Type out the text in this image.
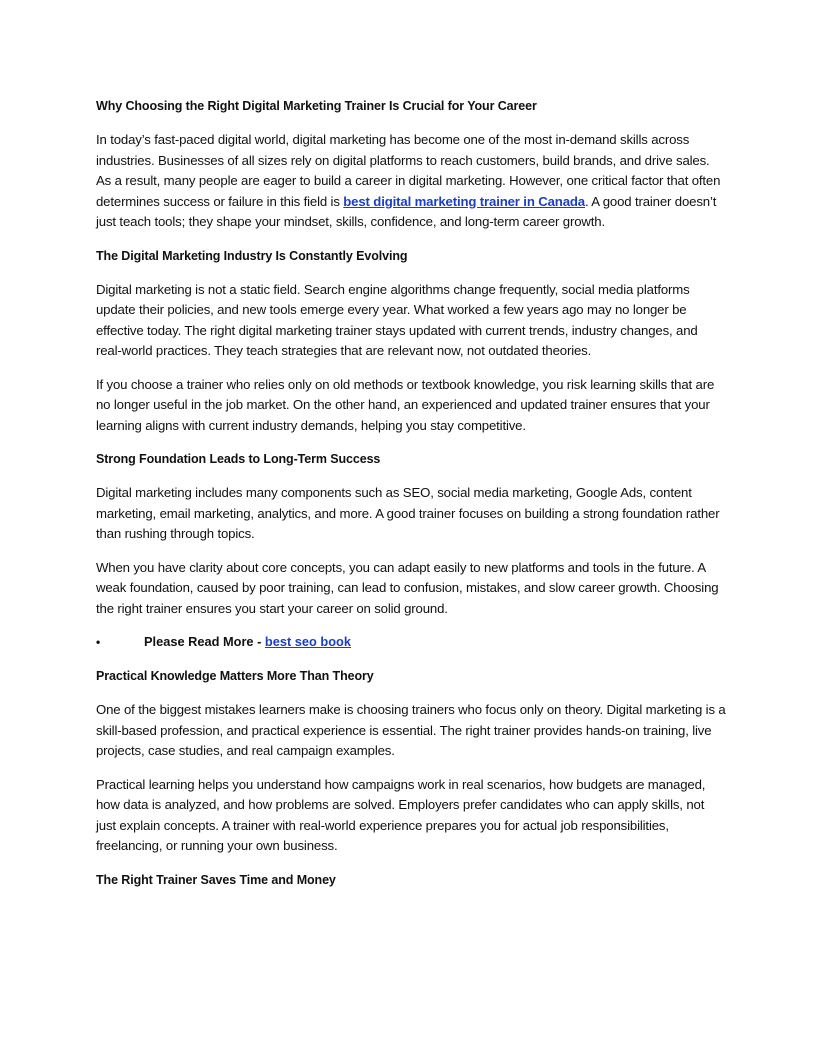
Why Choosing the Right Digital Marketing Trainer Is Crucial for Your Career

In today’s fast-paced digital world, digital marketing has become one of the most in-demand skills across industries. Businesses of all sizes rely on digital platforms to reach customers, build brands, and drive sales. As a result, many people are eager to build a career in digital marketing. However, one critical factor that often determines success or failure in this field is best digital marketing trainer in Canada. A good trainer doesn’t just teach tools; they shape your mindset, skills, confidence, and long-term career growth.

The Digital Marketing Industry Is Constantly Evolving

Digital marketing is not a static field. Search engine algorithms change frequently, social media platforms update their policies, and new tools emerge every year. What worked a few years ago may no longer be effective today. The right digital marketing trainer stays updated with current trends, industry changes, and real-world practices. They teach strategies that are relevant now, not outdated theories.

If you choose a trainer who relies only on old methods or textbook knowledge, you risk learning skills that are no longer useful in the job market. On the other hand, an experienced and updated trainer ensures that your learning aligns with current industry demands, helping you stay competitive.

Strong Foundation Leads to Long-Term Success

Digital marketing includes many components such as SEO, social media marketing, Google Ads, content marketing, email marketing, analytics, and more. A good trainer focuses on building a strong foundation rather than rushing through topics.

When you have clarity about core concepts, you can adapt easily to new platforms and tools in the future. A weak foundation, caused by poor training, can lead to confusion, mistakes, and slow career growth. Choosing the right trainer ensures you start your career on solid ground.

•	Please Read More - best seo book
Practical Knowledge Matters More Than Theory

One of the biggest mistakes learners make is choosing trainers who focus only on theory. Digital marketing is a skill-based profession, and practical experience is essential. The right trainer provides hands-on training, live projects, case studies, and real campaign examples.

Practical learning helps you understand how campaigns work in real scenarios, how budgets are managed, how data is analyzed, and how problems are solved. Employers prefer candidates who can apply skills, not just explain concepts. A trainer with real-world experience prepares you for actual job responsibilities, freelancing, or running your own business.

The Right Trainer Saves Time and Money
